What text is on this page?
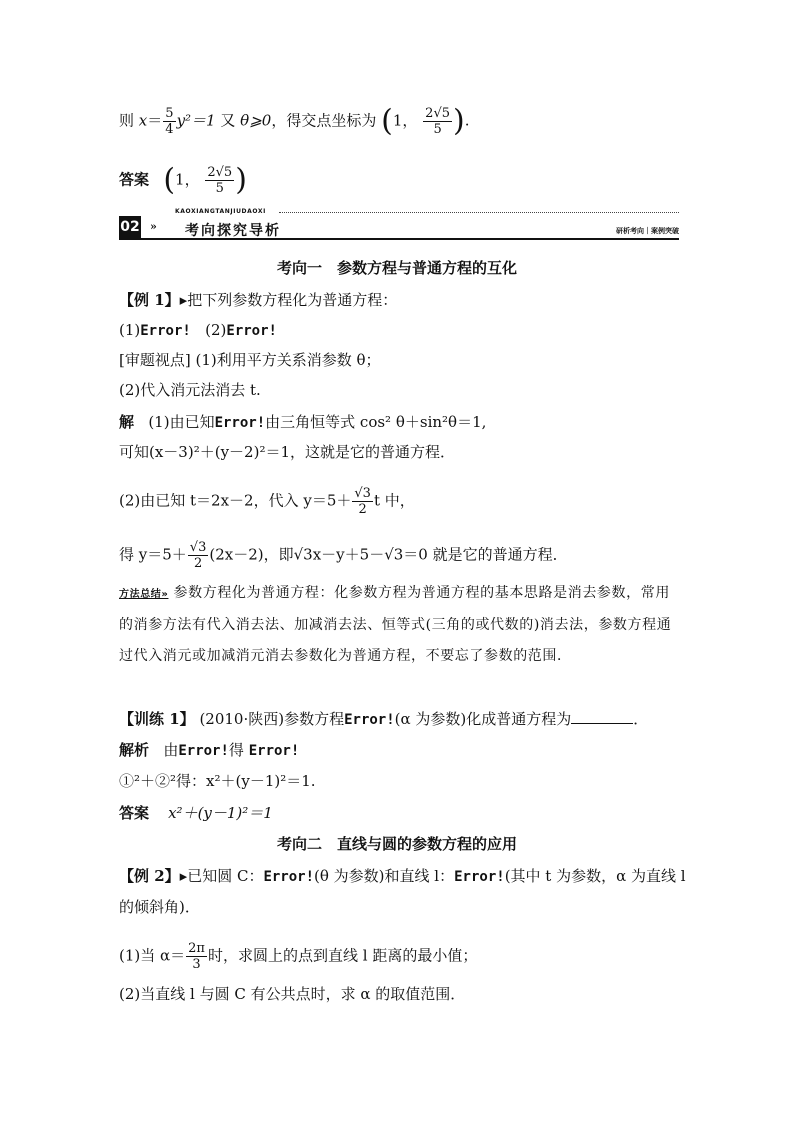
则 $x= \frac{5}{4} y^2=1$ 又 θ⩾0，得交点坐标为 (1， $\frac{2√5}{5}$ ).
答案 (1， $\frac{2√5}{5}$ )
02 »
KAOXIANGTANJIUDAOXI
考向探究导析	研析考向｜案例突破
考向一　参数方程与普通方程的互化
【例 1】▸把下列参数方程化为普通方程：
(1)Error! (2)Error!
[审题视点] (1)利用平方关系消参数 θ；
(2)代入消元法消去 t.
解 (1)由已知Error!由三角恒等式 cos² θ＋sin²θ＝1,
可知(x－3)²＋(y－2)²＝1，这就是它的普通方程．
(2)由已知 t＝2x－2，代入 $y=5+ \frac{√3}{2}$ t 中，
得 $y=5+ \frac{√3}{2} (2x-2)$，即√3x－y＋5－√3＝0 就是它的普通方程．
方法总结» 参数方程化为普通方程：化参数方程为普通方程的基本思路是消去参数，常用的消参方法有代入消去法、加减消去法、恒等式(三角的或代数的)消去法，参数方程通过代入消元或加减消元消去参数化为普通方程，不要忘了参数的范围．
【训练 1】 (2010·陕西)参数方程Error!(α 为参数)化成普通方程为	．
解析 由Error!得 Error!
①²＋②²得：x²＋(y－1)²＝1.
答案 x²＋(y－1)²＝1
考向二　直线与圆的参数方程的应用
【例 2】▸已知圆 C：Error!(θ 为参数)和直线 l：Error!(其中 t 为参数，α 为直线 l
的倾斜角)．
(1)当 $\alpha= \frac{2\pi}{3}$ 时，求圆上的点到直线 l 距离的最小值；
(2)当直线 l 与圆 C 有公共点时，求 α 的取值范围．
